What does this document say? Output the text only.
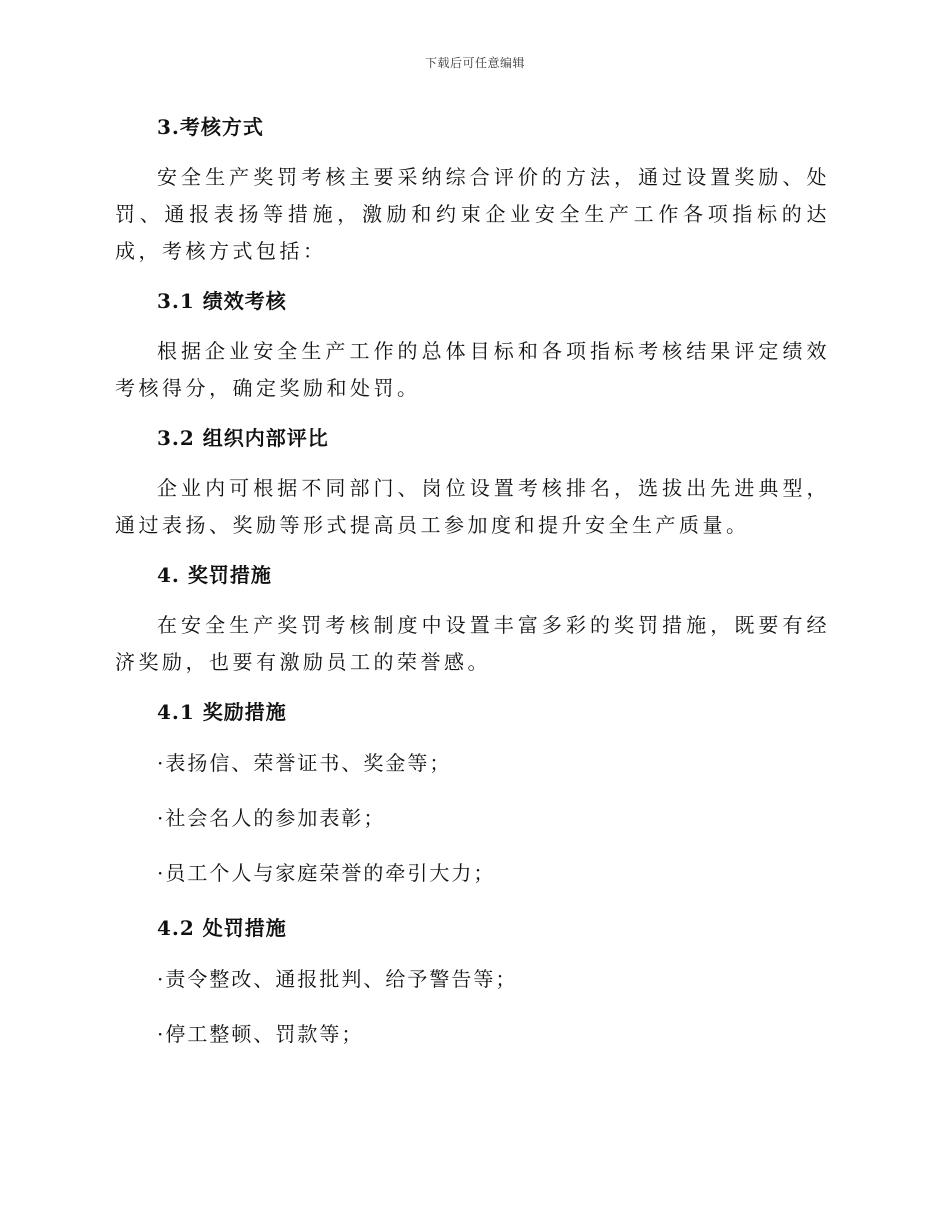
下载后可任意编辑
3.考核方式

安全生产奖罚考核主要采纳综合评价的方法，通过设置奖励、处罚、通报表扬等措施，激励和约束企业安全生产工作各项指标的达成，考核方式包括：

3.1 绩效考核

根据企业安全生产工作的总体目标和各项指标考核结果评定绩效考核得分，确定奖励和处罚。

3.2 组织内部评比

企业内可根据不同部门、岗位设置考核排名，选拔出先进典型，通过表扬、奖励等形式提高员工参加度和提升安全生产质量。

4. 奖罚措施

在安全生产奖罚考核制度中设置丰富多彩的奖罚措施，既要有经济奖励，也要有激励员工的荣誉感。

4.1 奖励措施
·表扬信、荣誉证书、奖金等；
·社会名人的参加表彰；
·员工个人与家庭荣誉的牵引大力；
4.2 处罚措施
·责令整改、通报批判、给予警告等；
·停工整顿、罚款等；
